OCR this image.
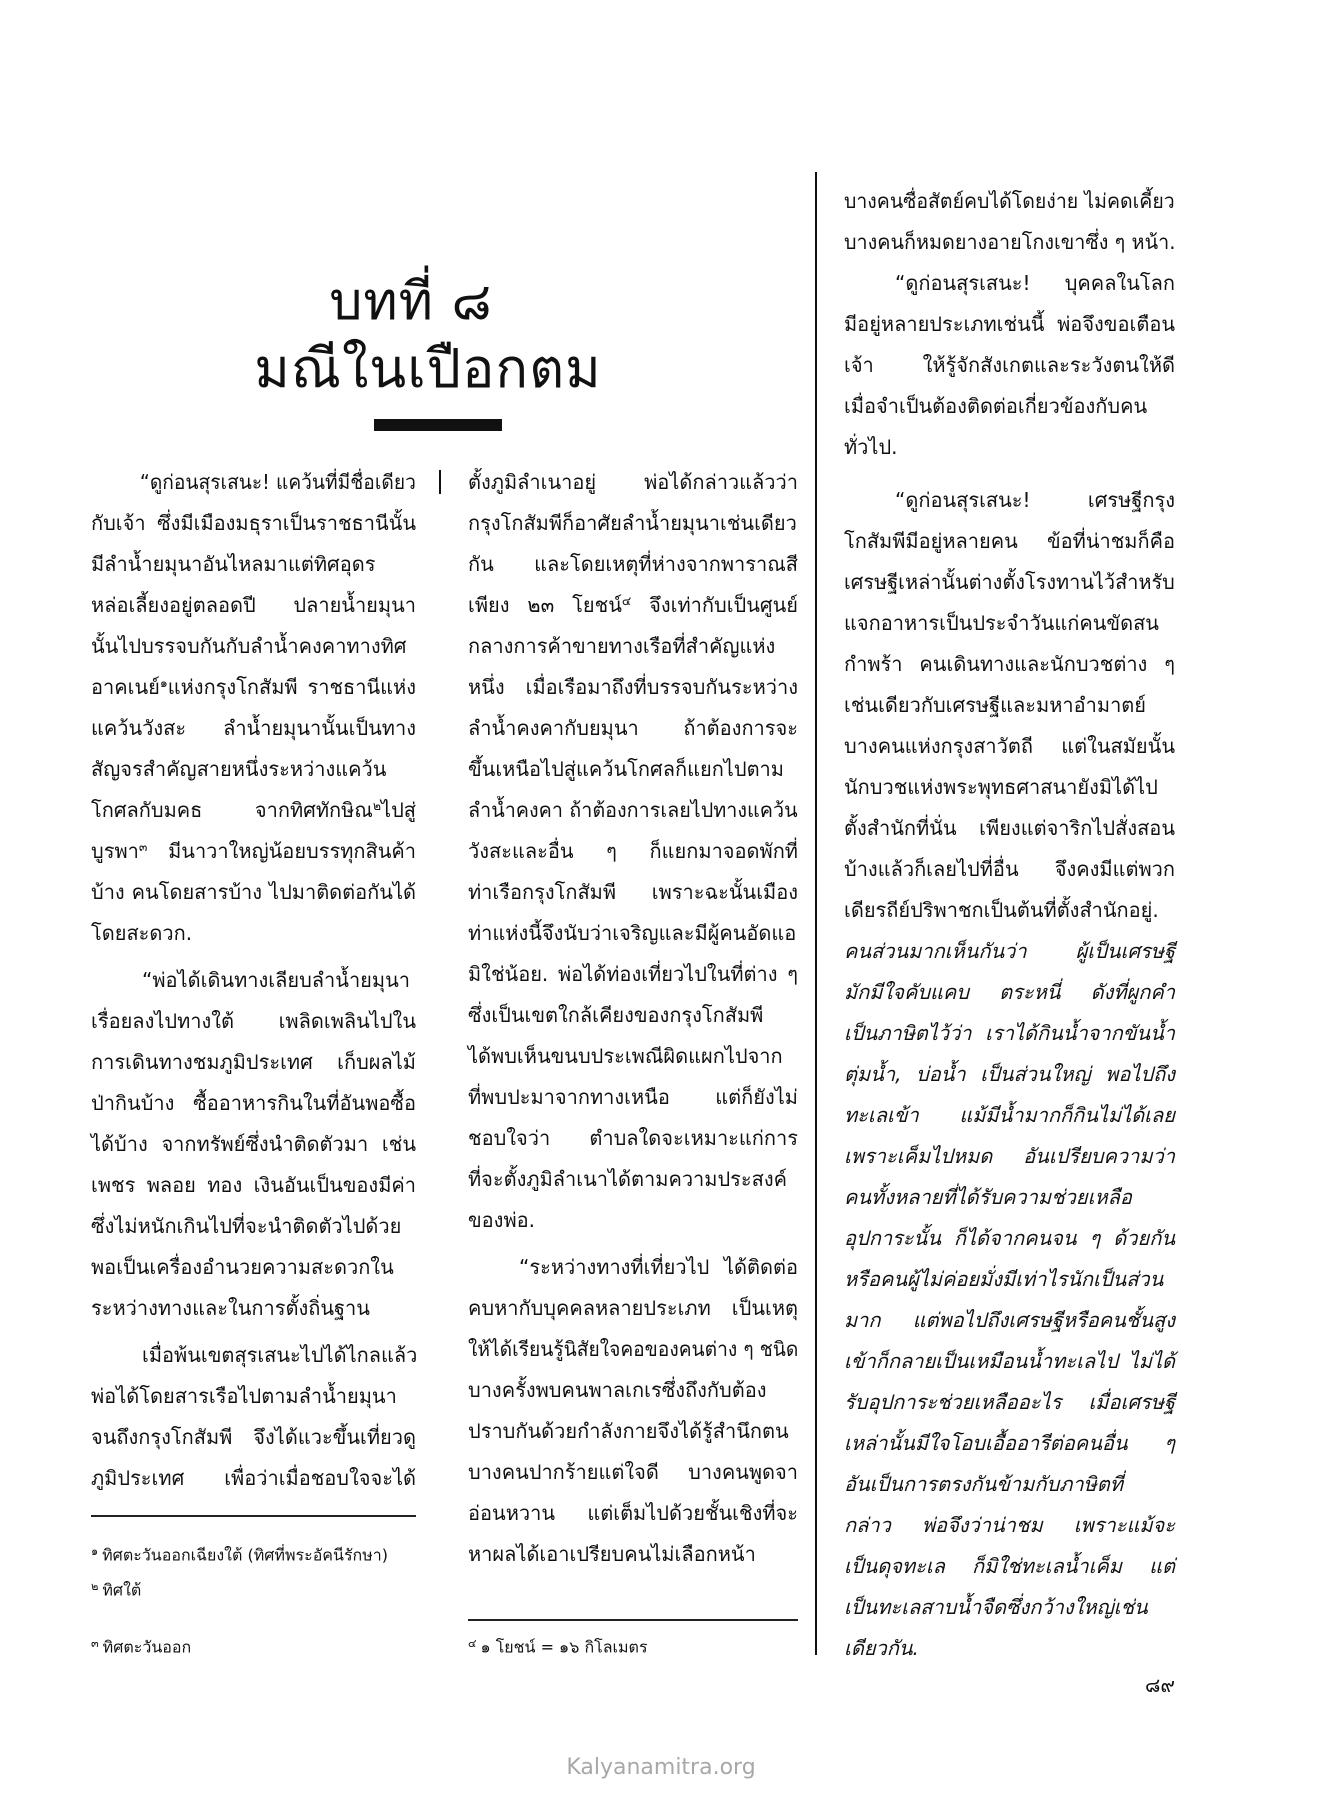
บทที่ ๘
มณีในเปือกตม
“ดูก่อนสุรเสนะ! แคว้นที่มีชื่อเดียว
กับเจ้า ซึ่งมีเมืองมธุราเป็นราชธานีนั้น
มีลำน้ำยมุนาอันไหลมาแต่ทิศอุดร
หล่อเลี้ยงอยู่ตลอดปี ปลายน้ำยมุนา
นั้นไปบรรจบกันกับลำน้ำคงคาทางทิศ
อาคเนย์$^๑$แห่งกรุงโกสัมพี ราชธานีแห่ง
แคว้นวังสะ ลำน้ำยมุนานั้นเป็นทาง
สัญจรสำคัญสายหนึ่งระหว่างแคว้น
โกศลกับมคธ จากทิศทักษิณ$^๒$ไปสู่
บูรพา$^๓$ มีนาวาใหญ่น้อยบรรทุกสินค้า
บ้าง คนโดยสารบ้าง ไปมาติดต่อกันได้
โดยสะดวก.
“พ่อได้เดินทางเลียบลำน้ำยมุนา
เรื่อยลงไปทางใต้ เพลิดเพลินไปใน
การเดินทางชมภูมิประเทศ เก็บผลไม้
ป่ากินบ้าง ซื้ออาหารกินในที่อันพอซื้อ
ได้บ้าง จากทรัพย์ซึ่งนำติดตัวมา เช่น
เพชร พลอย ทอง เงินอันเป็นของมีค่า
ซึ่งไม่หนักเกินไปที่จะนำติดตัวไปด้วย
พอเป็นเครื่องอำนวยความสะดวกใน
ระหว่างทางและในการตั้งถิ่นฐาน
เมื่อพ้นเขตสุรเสนะไปได้ไกลแล้ว
พ่อได้โดยสารเรือไปตามลำน้ำยมุนา
จนถึงกรุงโกสัมพี จึงได้แวะขึ้นเที่ยวดู
ภูมิประเทศ เพื่อว่าเมื่อชอบใจจะได้
ตั้งภูมิลำเนาอยู่ พ่อได้กล่าวแล้วว่า
กรุงโกสัมพีก็อาศัยลำน้ำยมุนาเช่นเดียว
กัน และโดยเหตุที่ห่างจากพาราณสี
เพียง ๒๓ โยชน์$^๔$ จึงเท่ากับเป็นศูนย์
กลางการค้าขายทางเรือที่สำคัญแห่ง
หนึ่ง เมื่อเรือมาถึงที่บรรจบกันระหว่าง
ลำน้ำคงคากับยมุนา ถ้าต้องการจะ
ขึ้นเหนือไปสู่แคว้นโกศลก็แยกไปตาม
ลำน้ำคงคา ถ้าต้องการเลยไปทางแคว้น
วังสะและอื่น ๆ ก็แยกมาจอดพักที่
ท่าเรือกรุงโกสัมพี เพราะฉะนั้นเมือง
ท่าแห่งนี้จึงนับว่าเจริญและมีผู้คนอัดแอ
มิใช่น้อย. พ่อได้ท่องเที่ยวไปในที่ต่าง ๆ
ซึ่งเป็นเขตใกล้เคียงของกรุงโกสัมพี
ได้พบเห็นขนบประเพณีผิดแผกไปจาก
ที่พบปะมาจากทางเหนือ แต่ก็ยังไม่
ชอบใจว่า ตำบลใดจะเหมาะแก่การ
ที่จะตั้งภูมิลำเนาได้ตามความประสงค์
ของพ่อ.
“ระหว่างทางที่เที่ยวไป ได้ติดต่อ
คบหากับบุคคลหลายประเภท เป็นเหตุ
ให้ได้เรียนรู้นิสัยใจคอของคนต่าง ๆ ชนิด
บางครั้งพบคนพาลเกเรซึ่งถึงกับต้อง
ปราบกันด้วยกำลังกายจึงได้รู้สำนึกตน
บางคนปากร้ายแต่ใจดี บางคนพูดจา
อ่อนหวาน แต่เต็มไปด้วยชั้นเชิงที่จะ
หาผลได้เอาเปรียบคนไม่เลือกหน้า
บางคนซื่อสัตย์คบได้โดยง่าย ไม่คดเคี้ยว
บางคนก็หมดยางอายโกงเขาซึ่ง ๆ หน้า.
“ดูก่อนสุรเสนะ! บุคคลในโลก
มีอยู่หลายประเภทเช่นนี้ พ่อจึงขอเตือน
เจ้า ให้รู้จักสังเกตและระวังตนให้ดี
เมื่อจำเป็นต้องติดต่อเกี่ยวข้องกับคน
ทั่วไป.
“ดูก่อนสุรเสนะ! เศรษฐีกรุง
โกสัมพีมีอยู่หลายคน ข้อที่น่าชมก็คือ
เศรษฐีเหล่านั้นต่างตั้งโรงทานไว้สำหรับ
แจกอาหารเป็นประจำวันแก่คนขัดสน
กำพร้า คนเดินทางและนักบวชต่าง ๆ
เช่นเดียวกับเศรษฐีและมหาอำมาตย์
บางคนแห่งกรุงสาวัตถี แต่ในสมัยนั้น
นักบวชแห่งพระพุทธศาสนายังมิได้ไป
ตั้งสำนักที่นั่น เพียงแต่จาริกไปสั่งสอน
บ้างแล้วก็เลยไปที่อื่น จึงคงมีแต่พวก
เดียรถีย์ปริพาชกเป็นต้นที่ตั้งสำนักอยู่.
คนส่วนมากเห็นกันว่า ผู้เป็นเศรษฐี
มักมีใจคับแคบ ตระหนี่ ดังที่ผูกคำ
เป็นภาษิตไว้ว่า เราได้กินน้ำจากขันน้ำ
ตุ่มน้ำ, บ่อน้ำ เป็นส่วนใหญ่ พอไปถึง
ทะเลเข้า แม้มีน้ำมากก็กินไม่ได้เลย
เพราะเค็มไปหมด อันเปรียบความว่า
คนทั้งหลายที่ได้รับความช่วยเหลือ
อุปการะนั้น ก็ได้จากคนจน ๆ ด้วยกัน
หรือคนผู้ไม่ค่อยมั่งมีเท่าไรนักเป็นส่วน
มาก แต่พอไปถึงเศรษฐีหรือคนชั้นสูง
เข้าก็กลายเป็นเหมือนน้ำทะเลไป ไม่ได้
รับอุปการะช่วยเหลืออะไร เมื่อเศรษฐี
เหล่านั้นมีใจโอบเอื้ออารีต่อคนอื่น ๆ
อันเป็นการตรงกันข้ามกับภาษิตที่
กล่าว พ่อจึงว่าน่าชม เพราะแม้จะ
เป็นดุจทะเล ก็มิใช่ทะเลน้ำเค็ม แต่
เป็นทะเลสาบน้ำจืดซึ่งกว้างใหญ่เช่น
เดียวกัน.
$^๑$ ทิศตะวันออกเฉียงใต้ (ทิศที่พระอัคนีรักษา)
$^๒$ ทิศใต้
$^๓$ ทิศตะวันออก	$^๔$ ๑ โยชน์ = ๑๖ กิโลเมตร
๘๙
Kalyanamitra.org
